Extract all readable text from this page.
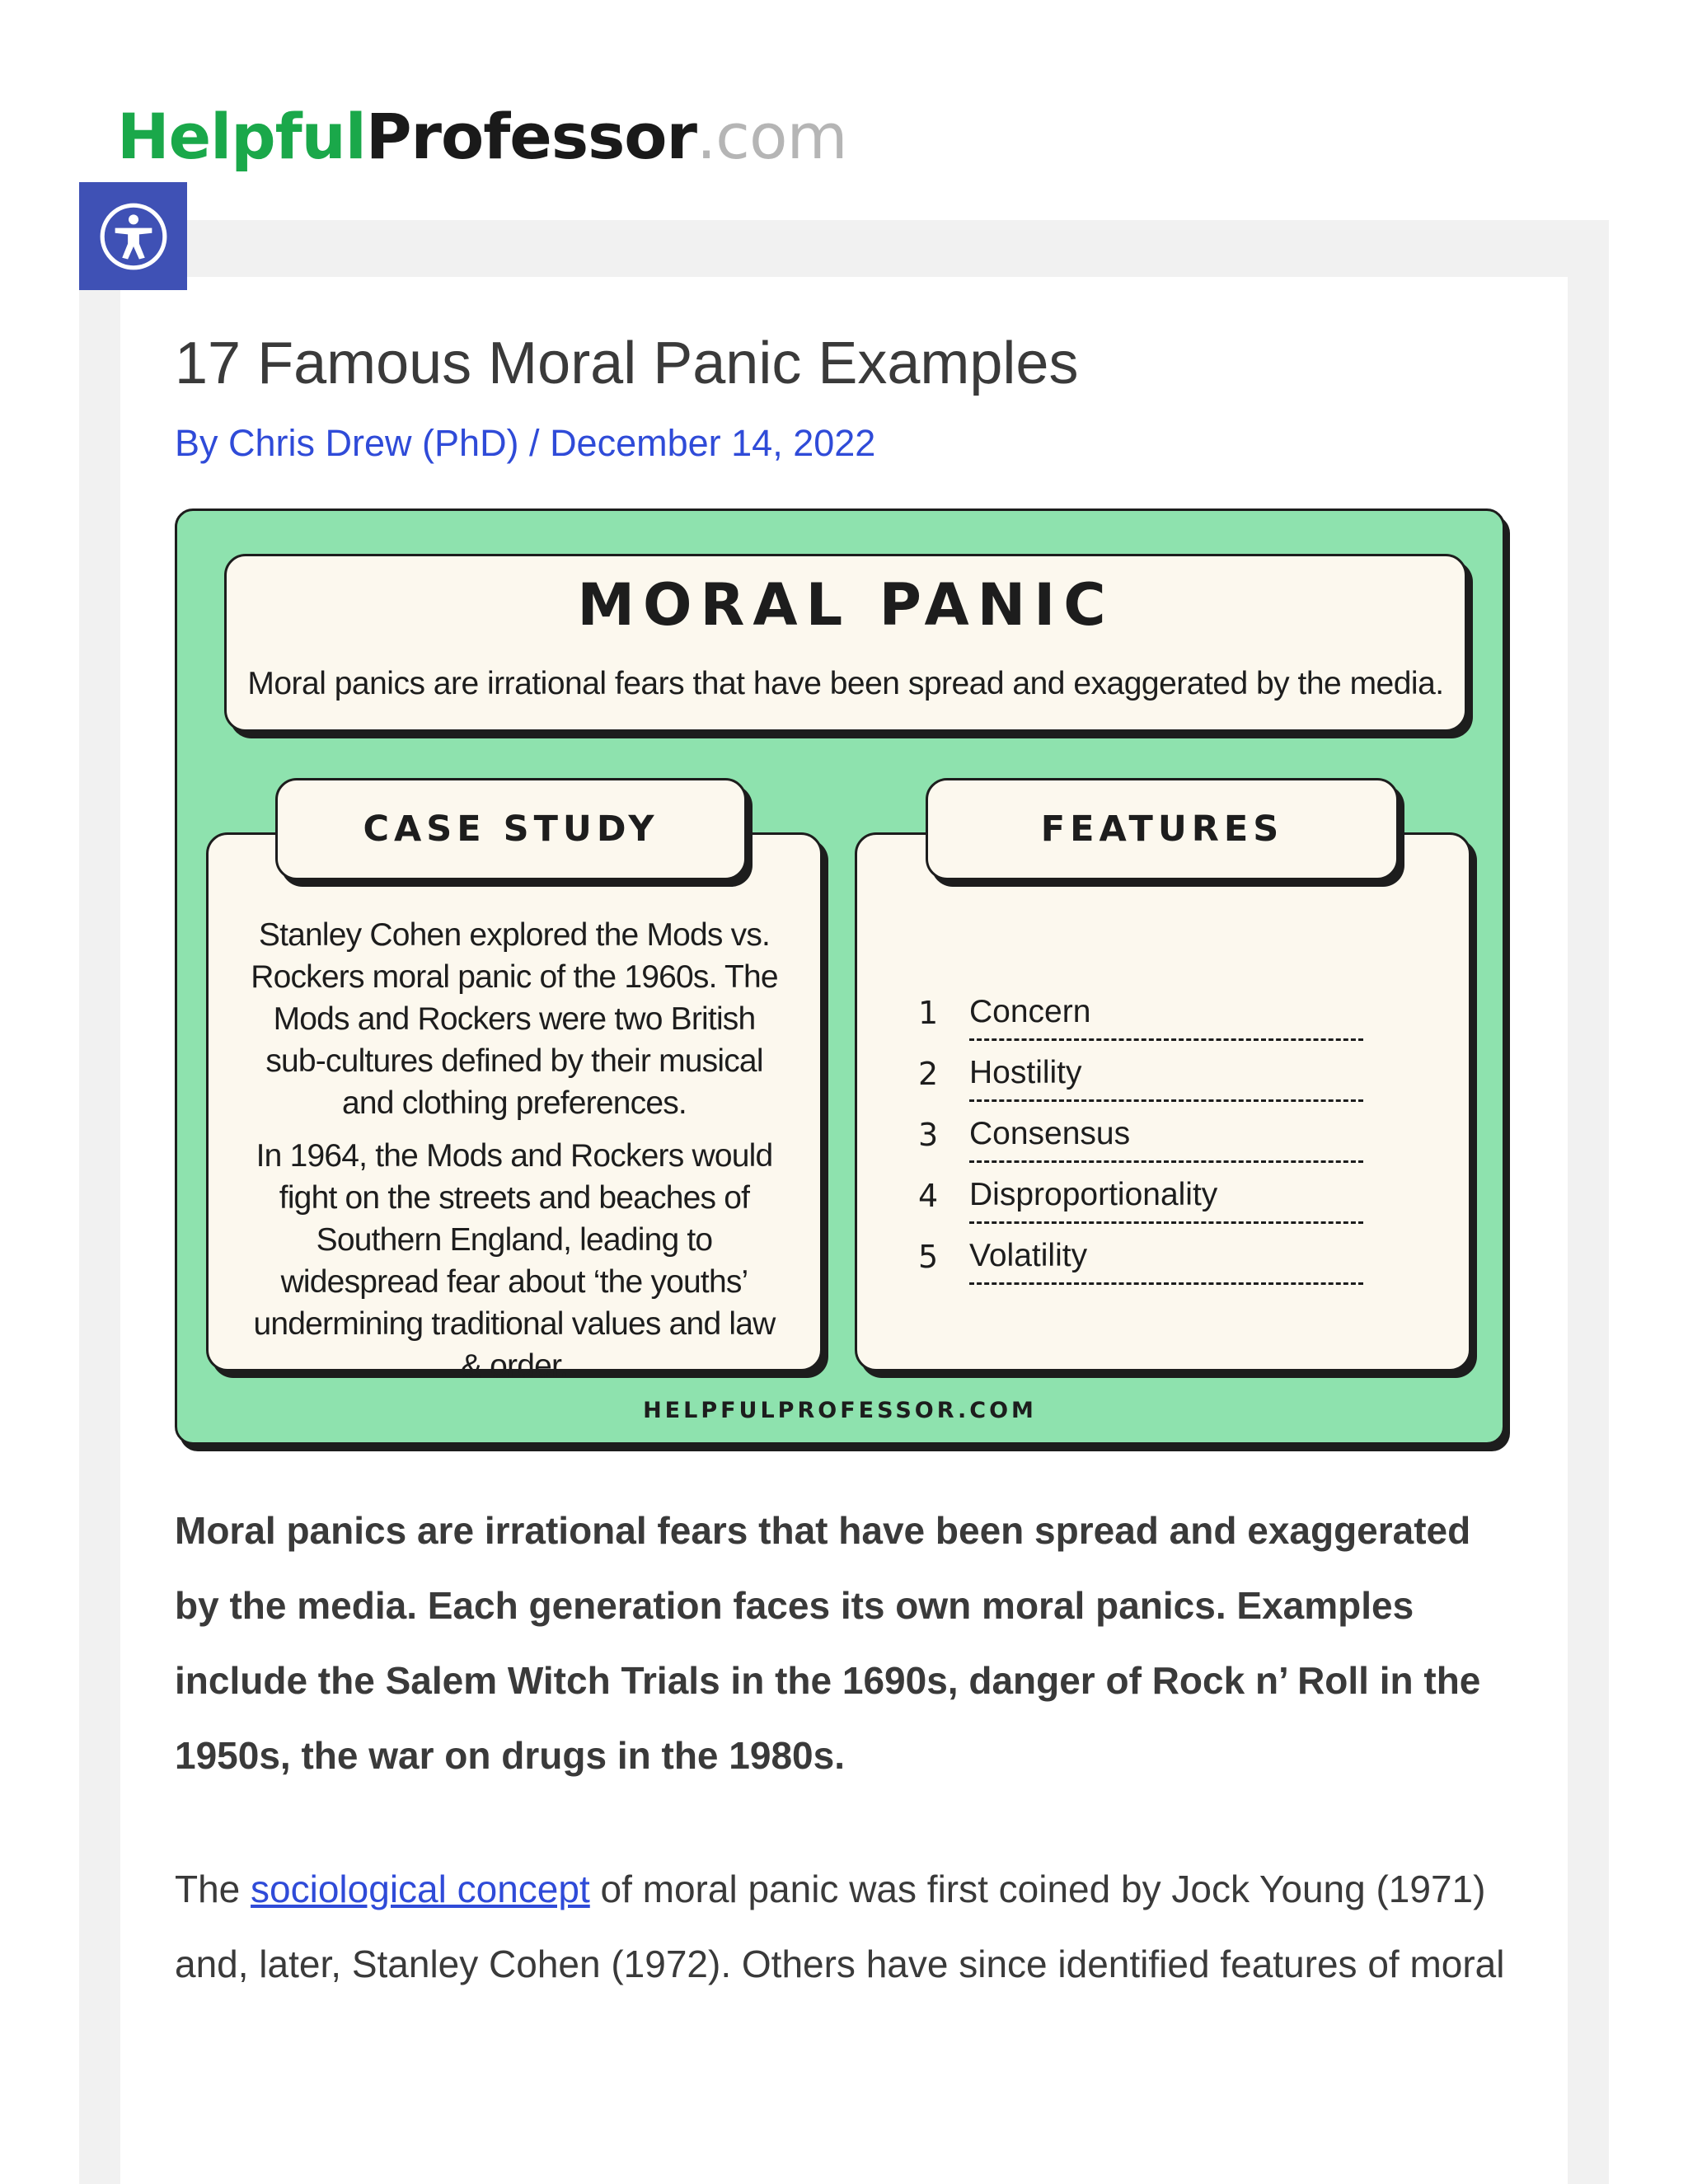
HelpfulProfessor.com
17 Famous Moral Panic Examples
By Chris Drew (PhD) / December 14, 2022
MORAL PANIC
Moral panics are irrational fears that have been spread and exaggerated by the media.
Stanley Cohen explored the Mods vs. Rockers moral panic of the 1960s. The Mods and Rockers were two British sub-cultures defined by their musical and clothing preferences.
In 1964, the Mods and Rockers would fight on the streets and beaches of Southern England, leading to widespread fear about ‘the youths’ undermining traditional values and law & order.
CASE STUDY
1 Concern
2 Hostility
3 Consensus
4 Disproportionality
5 Volatility
FEATURES
HELPFULPROFESSOR.COM

Moral panics are irrational fears that have been spread and exaggerated by the media. Each generation faces its own moral panics. Examples include the Salem Witch Trials in the 1690s, danger of Rock n’ Roll in the 1950s, the war on drugs in the 1980s.

The sociological concept of moral panic was first coined by Jock Young (1971) and, later, Stanley Cohen (1972). Others have since identified features of moral
